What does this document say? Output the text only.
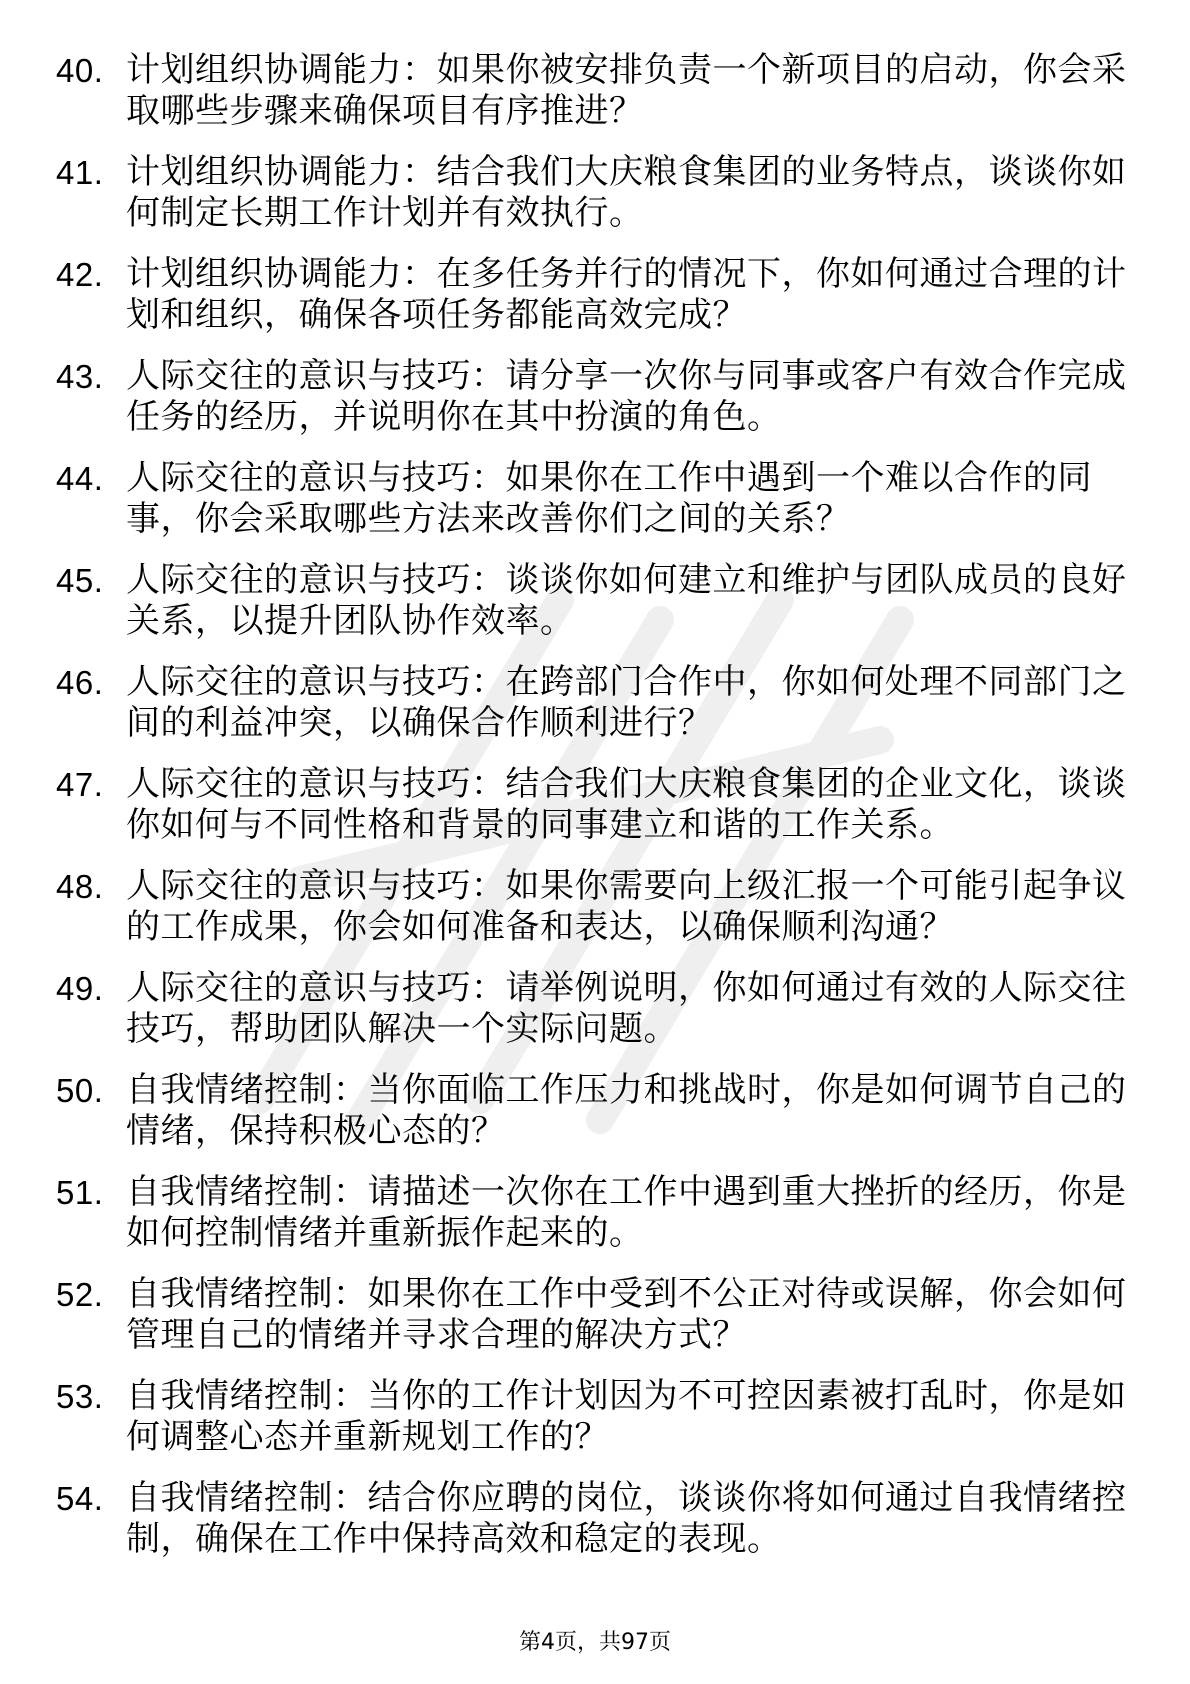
40. 计划组织协调能力：如果你被安排负责一个新项目的启动，你会采取哪些步骤来确保项目有序推进？
41. 计划组织协调能力：结合我们大庆粮食集团的业务特点，谈谈你如何制定长期工作计划并有效执行。
42. 计划组织协调能力：在多任务并行的情况下，你如何通过合理的计划和组织，确保各项任务都能高效完成？
43. 人际交往的意识与技巧：请分享一次你与同事或客户有效合作完成任务的经历，并说明你在其中扮演的角色。
44. 人际交往的意识与技巧：如果你在工作中遇到一个难以合作的同事，你会采取哪些方法来改善你们之间的关系？
45. 人际交往的意识与技巧：谈谈你如何建立和维护与团队成员的良好关系，以提升团队协作效率。
46. 人际交往的意识与技巧：在跨部门合作中，你如何处理不同部门之间的利益冲突，以确保合作顺利进行？
47. 人际交往的意识与技巧：结合我们大庆粮食集团的企业文化，谈谈你如何与不同性格和背景的同事建立和谐的工作关系。
48. 人际交往的意识与技巧：如果你需要向上级汇报一个可能引起争议的工作成果，你会如何准备和表达，以确保顺利沟通？
49. 人际交往的意识与技巧：请举例说明，你如何通过有效的人际交往技巧，帮助团队解决一个实际问题。
50. 自我情绪控制：当你面临工作压力和挑战时，你是如何调节自己的情绪，保持积极心态的？
51. 自我情绪控制：请描述一次你在工作中遇到重大挫折的经历，你是如何控制情绪并重新振作起来的。
52. 自我情绪控制：如果你在工作中受到不公正对待或误解，你会如何管理自己的情绪并寻求合理的解决方式？
53. 自我情绪控制：当你的工作计划因为不可控因素被打乱时，你是如何调整心态并重新规划工作的？
54. 自我情绪控制：结合你应聘的岗位，谈谈你将如何通过自我情绪控制，确保在工作中保持高效和稳定的表现。
第4页，共97页
